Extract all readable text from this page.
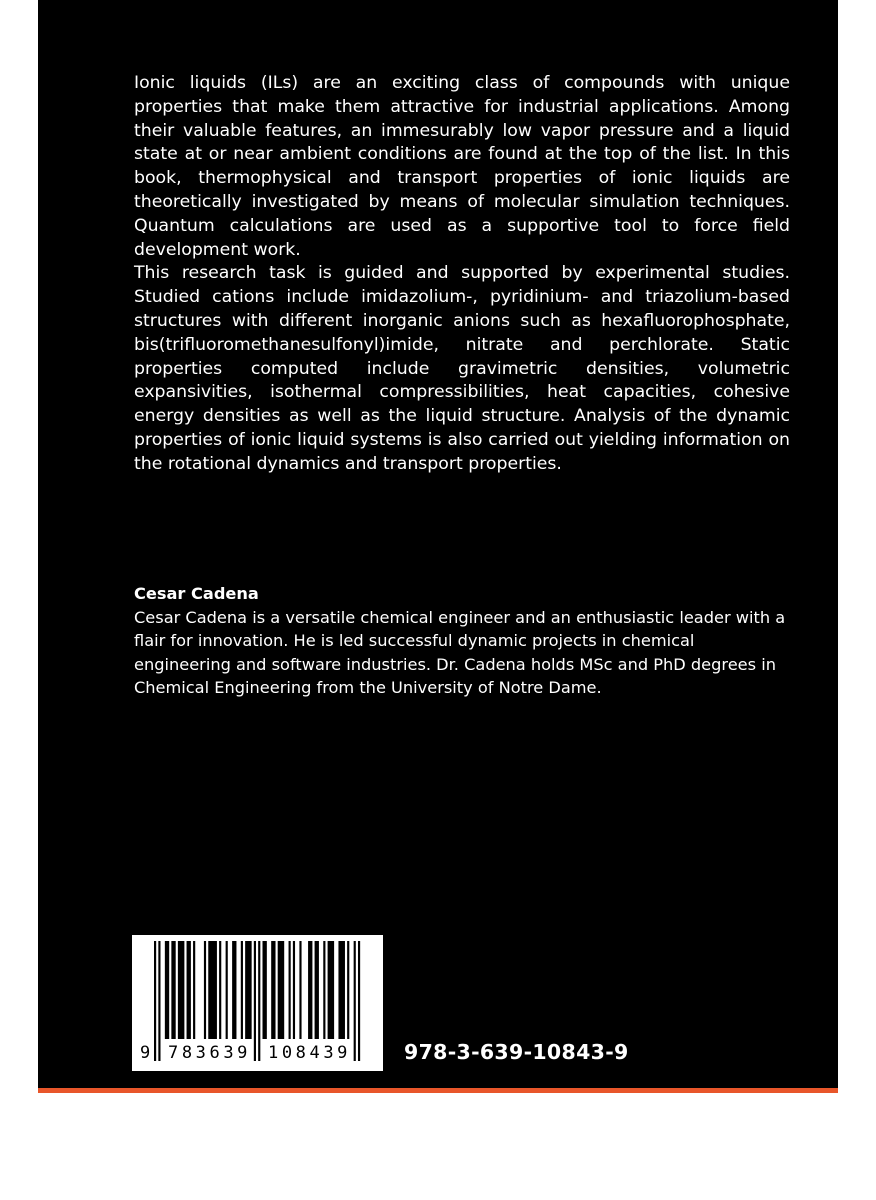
Ionic liquids (ILs) are an exciting class of compounds with unique properties that make them attractive for industrial applications. Among their valuable features, an immesurably low vapor pressure and a liquid state at or near ambient conditions are found at the top of the list. In this book, thermophysical and transport properties of ionic liquids are theoretically investigated by means of molecular simulation techniques. Quantum calculations are used as a supportive tool to force field development work.

This research task is guided and supported by experimental studies. Studied cations include imidazolium-, pyridinium- and triazolium-based structures with different inorganic anions such as hexafluorophosphate, bis(trifluoromethanesulfonyl)imide, nitrate and perchlorate. Static properties computed include gravimetric densities, volumetric expansivities, isothermal compressibilities, heat capacities, cohesive energy densities as well as the liquid structure. Analysis of the dynamic properties of ionic liquid systems is also carried out yielding information on the rotational dynamics and transport properties.

Cesar Cadena

Cesar Cadena is a versatile chemical engineer and an enthusiastic leader with a flair for innovation. He is led successful dynamic projects in chemical engineering and software industries. Dr. Cadena holds MSc and PhD degrees in Chemical Engineering from the University of Notre Dame.

9 783639 108439	978-3-639-10843-9
